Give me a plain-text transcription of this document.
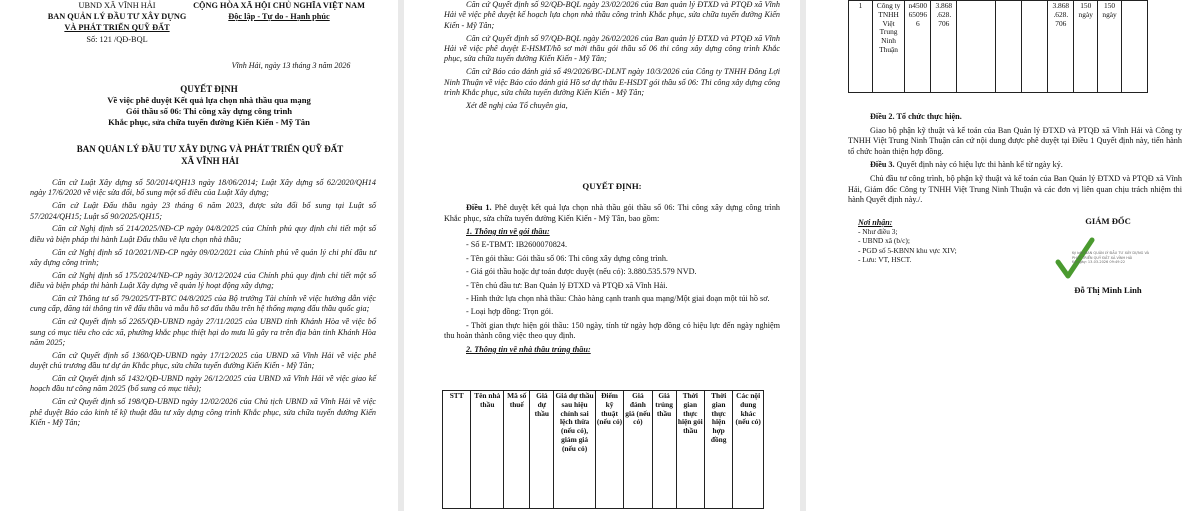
UBND XÃ VĨNH HẢI
BAN QUẢN LÝ ĐẦU TƯ XÂY DỰNG
VÀ PHÁT TRIỂN QUỸ ĐẤT
Số: 121 /QĐ-BQL
CỘNG HÒA XÃ HỘI CHỦ NGHĨA VIỆT NAM
Độc lập - Tự do - Hạnh phúc
Vĩnh Hải, ngày 13 tháng 3 năm 2026
QUYẾT ĐỊNH
Về việc phê duyệt Kết quả lựa chọn nhà thầu qua mạng
Gói thầu số 06: Thi công xây dựng công trình
Khắc phục, sửa chữa tuyến đường Kiến Kiến - Mỹ Tân
BAN QUẢN LÝ ĐẦU TƯ XÂY DỰNG VÀ PHÁT TRIỂN QUỸ ĐẤT
XÃ VĨNH HẢI

Căn cứ Luật Xây dựng số 50/2014/QH13 ngày 18/06/2014; Luật Xây dựng số 62/2020/QH14 ngày 17/6/2020 về việc sửa đổi, bổ sung một số điều của Luật Xây dựng;

Căn cứ Luật Đấu thầu ngày 23 tháng 6 năm 2023, được sửa đổi bổ sung tại Luật số 57/2024/QH15; Luật số 90/2025/QH15;

Căn cứ Nghị định số 214/2025/NĐ-CP ngày 04/8/2025 của Chính phủ quy định chi tiết một số điều và biện pháp thi hành Luật Đấu thầu về lựa chọn nhà thầu;

Căn cứ Nghị định số 10/2021/NĐ-CP ngày 09/02/2021 của Chính phủ về quản lý chi phí đầu tư xây dựng công trình;

Căn cứ Nghị định số 175/2024/NĐ-CP ngày 30/12/2024 của Chính phủ quy định chi tiết một số điều và biện pháp thi hành Luật Xây dựng về quản lý hoạt động xây dựng;

Căn cứ Thông tư số 79/2025/TT-BTC 04/8/2025 của Bộ trưởng Tài chính về việc hướng dẫn việc cung cấp, đăng tải thông tin về đấu thầu và mẫu hồ sơ đấu thầu trên hệ thống mạng đấu thầu quốc gia;

Căn cứ Quyết định số 2265/QĐ-UBND ngày 27/11/2025 của UBND tỉnh Khánh Hòa về việc bổ sung có mục tiêu cho các xã, phường khắc phục thiệt hại do mưa lũ gây ra trên địa bàn tỉnh Khánh Hòa năm 2025;

Căn cứ Quyết định số 1360/QĐ-UBND ngày 17/12/2025 của UBND xã Vĩnh Hải về việc phê duyệt chủ trương đầu tư dự án Khắc phục, sửa chữa tuyến đường Kiến Kiến - Mỹ Tân;

Căn cứ Quyết định số 1432/QĐ-UBND ngày 26/12/2025 của UBND xã Vĩnh Hải về việc giao kế hoạch đầu tư công năm 2025 (bổ sung có mục tiêu);

Căn cứ Quyết định số 198/QĐ-UBND ngày 12/02/2026 của Chủ tịch UBND xã Vĩnh Hải về việc phê duyệt Báo cáo kinh tế kỹ thuật đầu tư xây dựng công trình Khắc phục, sửa chữa tuyến đường Kiến Kiến - Mỹ Tân;

Căn cứ Quyết định số 92/QĐ-BQL ngày 23/02/2026 của Ban quản lý ĐTXD và PTQĐ xã Vĩnh Hải về việc phê duyệt kế hoạch lựa chọn nhà thầu công trình Khắc phục, sửa chữa tuyến đường Kiến Kiến - Mỹ Tân;

Căn cứ Quyết định số 97/QĐ-BQL ngày 26/02/2026 của Ban quản lý ĐTXD và PTQĐ xã Vĩnh Hải về việc phê duyệt E-HSMT/hồ sơ mời thầu gói thầu số 06 thi công xây dựng công trình Khắc phục, sửa chữa tuyến đường Kiến Kiến - Mỹ Tân;

Căn cứ Báo cáo đánh giá số 49/2026/BC-DLNT ngày 10/3/2026 của Công ty TNHH Đông Lợi Ninh Thuận về việc Báo cáo đánh giá Hồ sơ dự thầu E-HSDT gói thầu số 06: Thi công xây dựng công trình Khắc phục, sửa chữa tuyến đường Kiến Kiến - Mỹ Tân;

Xét đề nghị của Tổ chuyên gia,

QUYẾT ĐỊNH:

Điều 1. Phê duyệt kết quả lựa chọn nhà thầu gói thầu số 06: Thi công xây dựng công trình Khắc phục, sửa chữa tuyến đường Kiến Kiến - Mỹ Tân, bao gồm:

1. Thông tin về gói thầu:

- Số E-TBMT: IB2600070824.

- Tên gói thầu: Gói thầu số 06: Thi công xây dựng công trình.

- Giá gói thầu hoặc dự toán được duyệt (nếu có): 3.880.535.579 NVD.

- Tên chủ đầu tư: Ban Quản lý ĐTXD và PTQĐ xã Vĩnh Hải.

- Hình thức lựa chọn nhà thầu: Chào hàng cạnh tranh qua mạng/Một giai đoạn một túi hồ sơ.

- Loại hợp đồng: Trọn gói.

- Thời gian thực hiện gói thầu: 150 ngày, tính từ ngày hợp đồng có hiệu lực đến ngày nghiệm thu hoàn thành công việc theo quy định.

2. Thông tin về nhà thầu trúng thầu:

STT	Tên nhà thầu	Mã số thuế	Giá dự thầu	Giá dự thầu sau hiệu chỉnh sai lệch thừa (nếu có), giảm giá (nếu có)	Điểm kỹ thuật (nếu có)	Giá đánh giá (nếu có)	Giá trúng thầu	Thời gian thực hiện gói thầu	Thời gian thực hiện hợp đồng	Các nội dung khác (nếu có)
1	Công ty TNHH Việt Trung Ninh Thuận	n4500 65096 6	3.868 .628. 706				3.868 .628. 706	150 ngày	150 ngày	

Điều 2. Tổ chức thực hiện.

Giao bộ phận kỹ thuật và kế toán của Ban Quản lý ĐTXD và PTQĐ xã Vĩnh Hải và Công ty TNHH Việt Trung Ninh Thuận căn cứ nội dung được phê duyệt tại Điều 1 Quyết định này, tiến hành tổ chức hoàn thiện hợp đồng.

Điều 3. Quyết định này có hiệu lực thi hành kể từ ngày ký.

Chủ đầu tư công trình, bộ phận kỹ thuật và kế toán của Ban Quản lý ĐTXD và PTQĐ xã Vĩnh Hải, Giám đốc Công ty TNHH Việt Trung Ninh Thuận và các đơn vị liên quan chịu trách nhiệm thi hành Quyết định này./.

Nơi nhận:
- Như điều 3;
- UBND xã (b/c);
- PGD số 5-KBNN khu vực XIV;
- Lưu: VT, HSCT.
GIÁM ĐỐC
Ký bởi: BAN QUẢN LÝ ĐẦU TƯ XÂY DỰNG VÀ
PHÁT TRIỂN QUỸ ĐẤT XÃ VĨNH HẢI
Ký ngày: 13-03-2026 09:49:22
Đỗ Thị Minh Linh
